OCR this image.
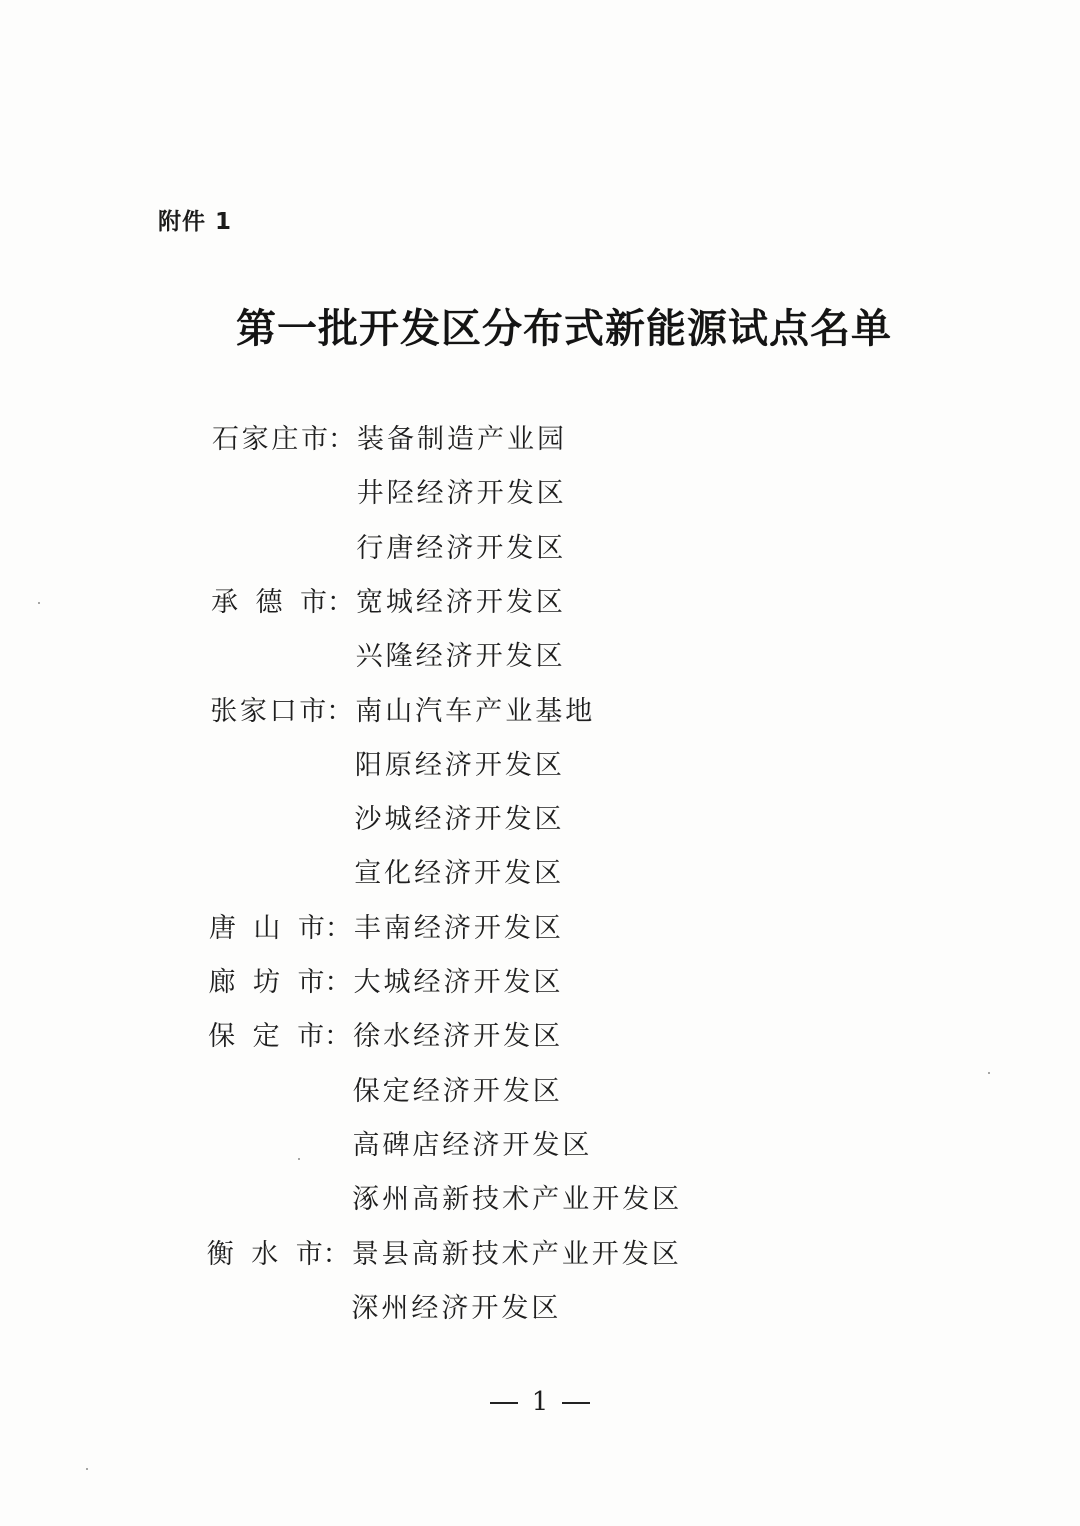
附件 1
第一批开发区分布式新能源试点名单
石 家 庄 市 ： 装备制造产业园
井陉经济开发区
行唐经济开发区
承 德 市 ： 宽城经济开发区
兴隆经济开发区
张 家 口 市 ： 南山汽车产业基地
阳原经济开发区
沙城经济开发区
宣化经济开发区
唐 山 市 ： 丰南经济开发区
廊 坊 市 ： 大城经济开发区
保 定 市 ： 徐水经济开发区
保定经济开发区
高碑店经济开发区
涿州高新技术产业开发区
衡 水 市 ： 景县高新技术产业开发区
深州经济开发区
1
